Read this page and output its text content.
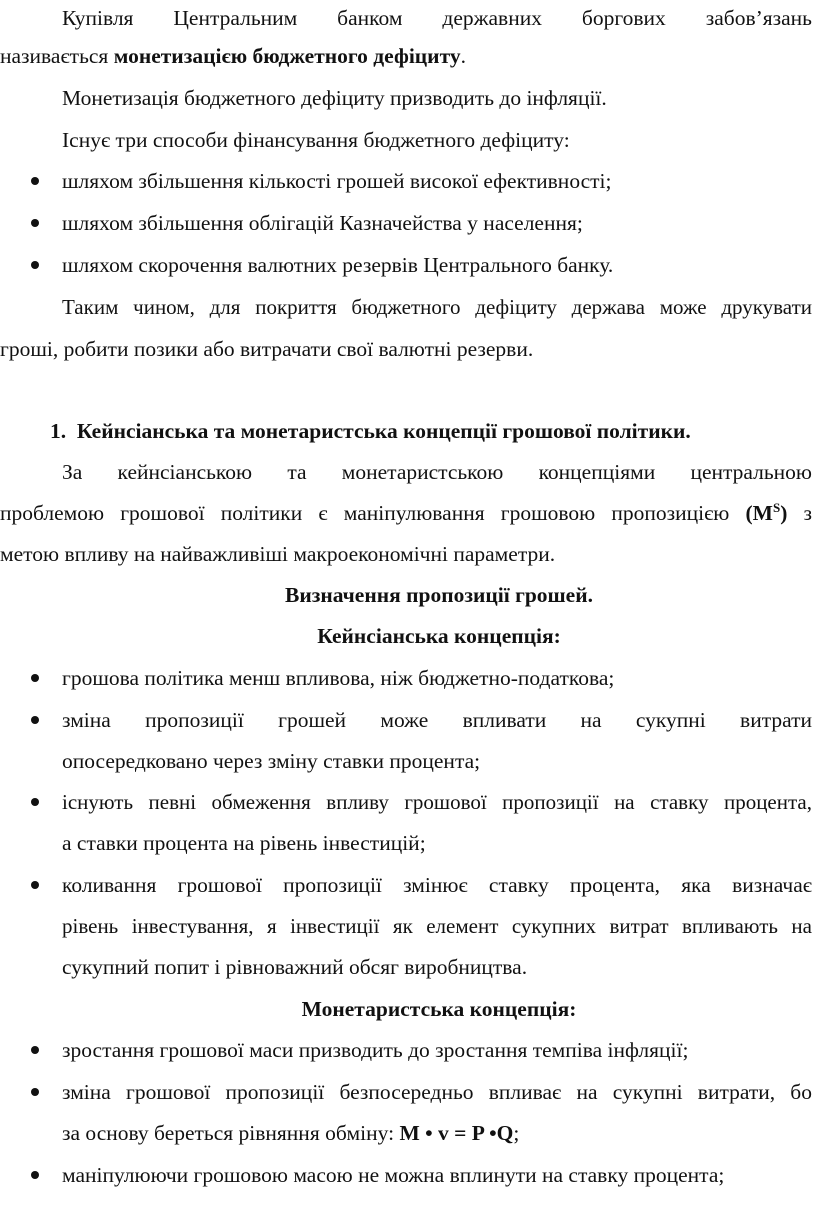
Купівля Центральним банком державних боргових забов’язань
називається монетизацією бюджетного дефіциту.
Монетизація бюджетного дефіциту призводить до інфляції.
Існує три способи фінансування бюджетного дефіциту:
шляхом збільшення кількості грошей високої ефективності;
шляхом збільшення облігацій Казначейства у населення;
шляхом скорочення валютних резервів Центрального банку.
Таким чином, для покриття бюджетного дефіциту держава може друкувати
гроші, робити позики або витрачати свої валютні резерви.
1. Кейнсіанська та монетаристська концепції грошової політики.
За кейнсіанською та монетаристською концепціями центральною
проблемою грошової політики є маніпулювання грошовою пропозицією $(M^S)$ з
метою впливу на найважливіші макроекономічні параметри.
Визначення пропозиції грошей.
Кейнсіанська концепція:
грошова політика менш впливова, ніж бюджетно-податкова;
зміна пропозиції грошей може впливати на сукупні витрати
опосередковано через зміну ставки процента;
існують певні обмеження впливу грошової пропозиції на ставку процента,
а ставки процента на рівень інвестицій;
коливання грошової пропозиції змінює ставку процента, яка визначає
рівень інвестування, я інвестиції як елемент сукупних витрат впливають на
сукупний попит і рівноважний обсяг виробництва.
Монетаристська концепція:
зростання грошової маси призводить до зростання темпіва інфляції;
зміна грошової пропозиції безпосередньо впливає на сукупні витрати, бо
за основу береться рівняння обміну: M • v = P •Q;
маніпулюючи грошовою масою не можна вплинути на ставку процента;
